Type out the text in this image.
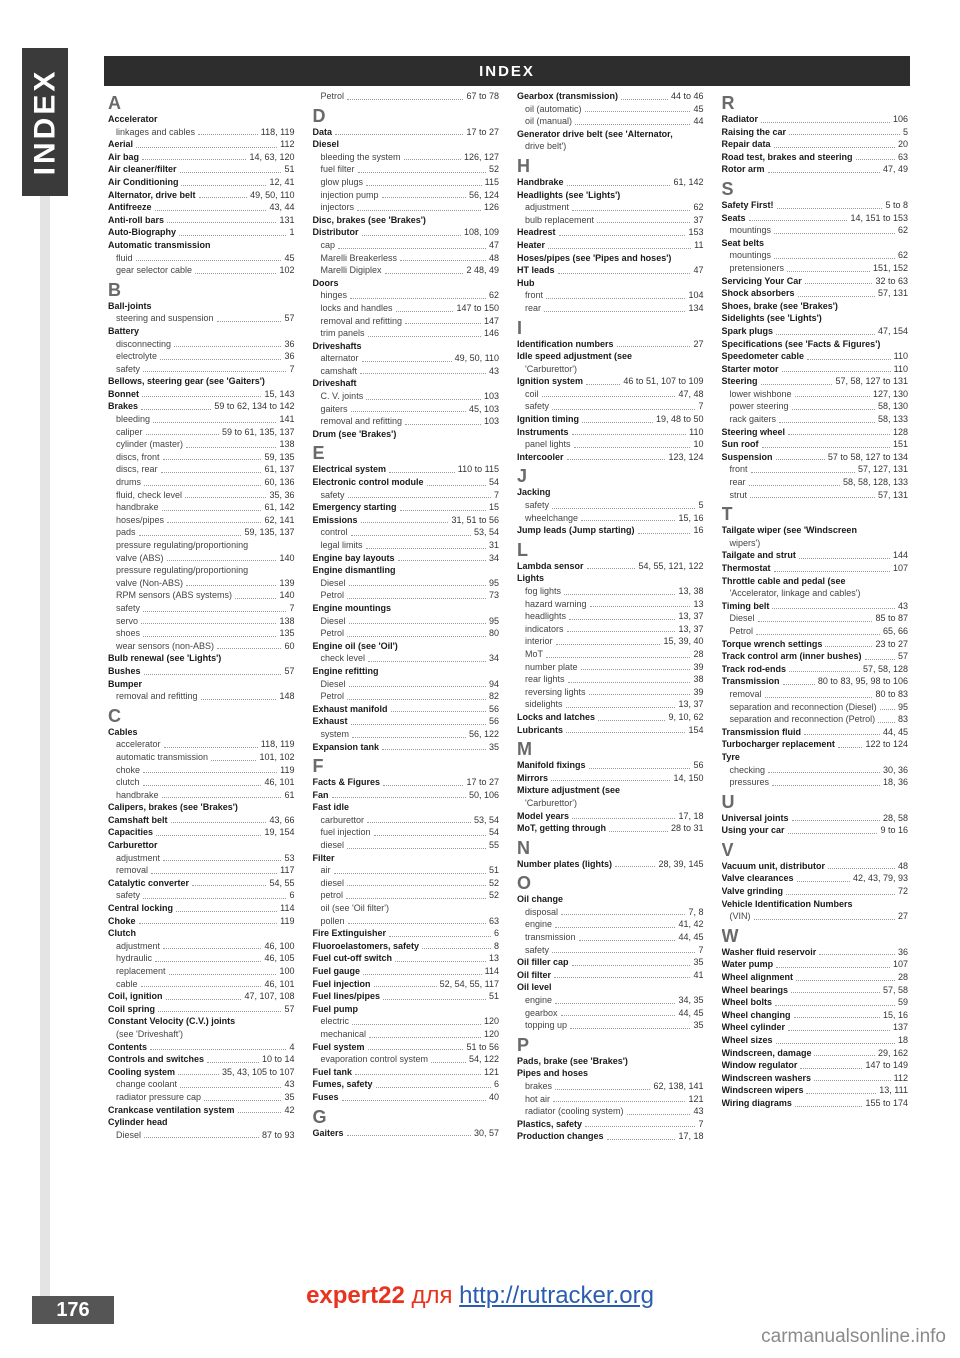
INDEX	INDEX
A
Accelerator
linkages and cables	118, 119
Aerial	112
Air bag	14, 63, 120
Air cleaner/filter	51
Air Conditioning	12, 41
Alternator, drive belt	49, 50, 110
Antifreeze	43, 44
Anti-roll bars	131
Auto-Biography	1
Automatic transmission
fluid	45
gear selector cable	102
B
Ball-joints
steering and suspension	57
Battery
disconnecting	36
electrolyte	36
safety	7
Bellows, steering gear (see 'Gaiters')
Bonnet	15, 143
Brakes	59 to 62, 134 to 142
bleeding	141
caliper	59 to 61, 135, 137
cylinder (master)	138
discs, front	59, 135
discs, rear	61, 137
drums	60, 136
fluid, check level	35, 36
handbrake	61, 142
hoses/pipes	62, 141
pads	59, 135, 137
pressure regulating/proportioning
valve (ABS)	140
pressure regulating/proportioning
valve (Non-ABS)	139
RPM sensors (ABS systems)	140
safety	7
servo	138
shoes	135
wear sensors (non-ABS)	60
Bulb renewal (see 'Lights')
Bushes	57
Bumper
removal and refitting	148
C
Cables
accelerator	118, 119
automatic transmission	101, 102
choke	119
clutch	46, 101
handbrake	61
Calipers, brakes (see 'Brakes')
Camshaft belt	43, 66
Capacities	19, 154
Carburettor
adjustment	53
removal	117
Catalytic converter	54, 55
safety	6
Central locking	114
Choke	119
Clutch
adjustment	46, 100
hydraulic	46, 105
replacement	100
cable	46, 101
Coil, ignition	47, 107, 108
Coil spring	57
Constant Velocity (C.V.) joints
(see 'Driveshaft')
Contents	4
Controls and switches	10 to 14
Cooling system	35, 43, 105 to 107
change coolant	43
radiator pressure cap	35
Crankcase ventilation system	42
Cylinder head
Diesel	87 to 93
Petrol	67 to 78
D
Data	17 to 27
Diesel
bleeding the system	126, 127
fuel filter	52
glow plugs	115
injection pump	56, 124
injectors	126
Disc, brakes (see 'Brakes')
Distributor	108, 109
cap	47
Marelli Breakerless	48
Marelli Digiplex	2 48, 49
Doors
hinges	62
locks and handles	147 to 150
removal and refitting	147
trim panels	146
Driveshafts
alternator	49, 50, 110
camshaft	43
Driveshaft
C. V. joints	103
gaiters	45, 103
removal and refitting	103
Drum (see 'Brakes')
E
Electrical system	110 to 115
Electronic control module	54
safety	7
Emergency starting	15
Emissions	31, 51 to 56
control	53, 54
legal limits	31
Engine bay layouts	34
Engine dismantling
Diesel	95
Petrol	73
Engine mountings
Diesel	95
Petrol	80
Engine oil (see 'Oil')
check level	34
Engine refitting
Diesel	94
Petrol	82
Exhaust manifold	56
Exhaust	56
system	56, 122
Expansion tank	35
F
Facts & Figures	17 to 27
Fan	50, 106
Fast idle
carburettor	53, 54
fuel injection	54
diesel	55
Filter
air	51
diesel	52
petrol	52
oil (see 'Oil filter')
pollen	63
Fire Extinguisher	6
Fluoroelastomers, safety	8
Fuel cut-off switch	13
Fuel gauge	114
Fuel injection	52, 54, 55, 117
Fuel lines/pipes	51
Fuel pump
electric	120
mechanical	120
Fuel system	51 to 56
evaporation control system	54, 122
Fuel tank	121
Fumes, safety	6
Fuses	40
G
Gaiters	30, 57
Gearbox (transmission)	44 to 46
oil (automatic)	45
oil (manual)	44
Generator drive belt (see 'Alternator,
drive belt')
H
Handbrake	61, 142
Headlights (see 'Lights')
adjustment	62
bulb replacement	37
Headrest	153
Heater	11
Hoses/pipes (see 'Pipes and hoses')
HT leads	47
Hub
front	104
rear	134
I
Identification numbers	27
Idle speed adjustment (see
'Carburettor')
Ignition system	46 to 51, 107 to 109
coil	47, 48
safety	7
Ignition timing	19, 48 to 50
Instruments	110
panel lights	10
Intercooler	123, 124
J
Jacking
safety	5
wheelchange	15, 16
Jump leads (Jump starting)	16
L
Lambda sensor	54, 55, 121, 122
Lights
fog lights	13, 38
hazard warning	13
headlights	13, 37
indicators	13, 37
interior	15, 39, 40
MoT	28
number plate	39
rear lights	38
reversing lights	39
sidelights	13, 37
Locks and latches	9, 10, 62
Lubricants	154
M
Manifold fixings	56
Mirrors	14, 150
Mixture adjustment (see
'Carburettor')
Model years	17, 18
MoT, getting through	28 to 31
N
Number plates (lights)	28, 39, 145
O
Oil change
disposal	7, 8
engine	41, 42
transmission	44, 45
safety	7
Oil filler cap	35
Oil filter	41
Oil level
engine	34, 35
gearbox	44, 45
topping up	35
P
Pads, brake (see 'Brakes')
Pipes and hoses
brakes	62, 138, 141
hot air	121
radiator (cooling system)	43
Plastics, safety	7
Production changes	17, 18
R
Radiator	106
Raising the car	5
Repair data	20
Road test, brakes and steering	63
Rotor arm	47, 49
S
Safety First!	5 to 8
Seats	14, 151 to 153
mountings	62
Seat belts
mountings	62
pretensioners	151, 152
Servicing Your Car	32 to 63
Shock absorbers	57, 131
Shoes, brake (see 'Brakes')
Sidelights (see 'Lights')
Spark plugs	47, 154
Specifications (see 'Facts & Figures')
Speedometer cable	110
Starter motor	110
Steering	57, 58, 127 to 131
lower wishbone	127, 130
power steering	58, 130
rack gaiters	58, 133
Steering wheel	128
Sun roof	151
Suspension	57 to 58, 127 to 134
front	57, 127, 131
rear	58, 58, 128, 133
strut	57, 131
T
Tailgate wiper (see 'Windscreen
wipers')
Tailgate and strut	144
Thermostat	107
Throttle cable and pedal (see
'Accelerator, linkage and cables')
Timing belt	43
Diesel	85 to 87
Petrol	65, 66
Torque wrench settings	23 to 27
Track control arm (inner bushes)	57
Track rod-ends	57, 58, 128
Transmission	80 to 83, 95, 98 to 106
removal	80 to 83
separation and reconnection (Diesel) 95
separation and reconnection (Petrol)	83
Transmission fluid	44, 45
Turbocharger replacement	122 to 124
Tyre
checking	30, 36
pressures	18, 36
U
Universal joints	28, 58
Using your car	9 to 16
V
Vacuum unit, distributor	48
Valve clearances	42, 43, 79, 93
Valve grinding	72
Vehicle Identification Numbers
(VIN)	27
W
Washer fluid reservoir	36
Water pump	107
Wheel alignment	28
Wheel bearings	57, 58
Wheel bolts	59
Wheel changing	15, 16
Wheel cylinder	137
Wheel sizes	18
Windscreen, damage	29, 162
Window regulator	147 to 149
Windscreen washers	112
Windscreen wipers	13, 111
Wiring diagrams	155 to 174
176
expert22 для http://rutracker.org
carmanualsonline.info
